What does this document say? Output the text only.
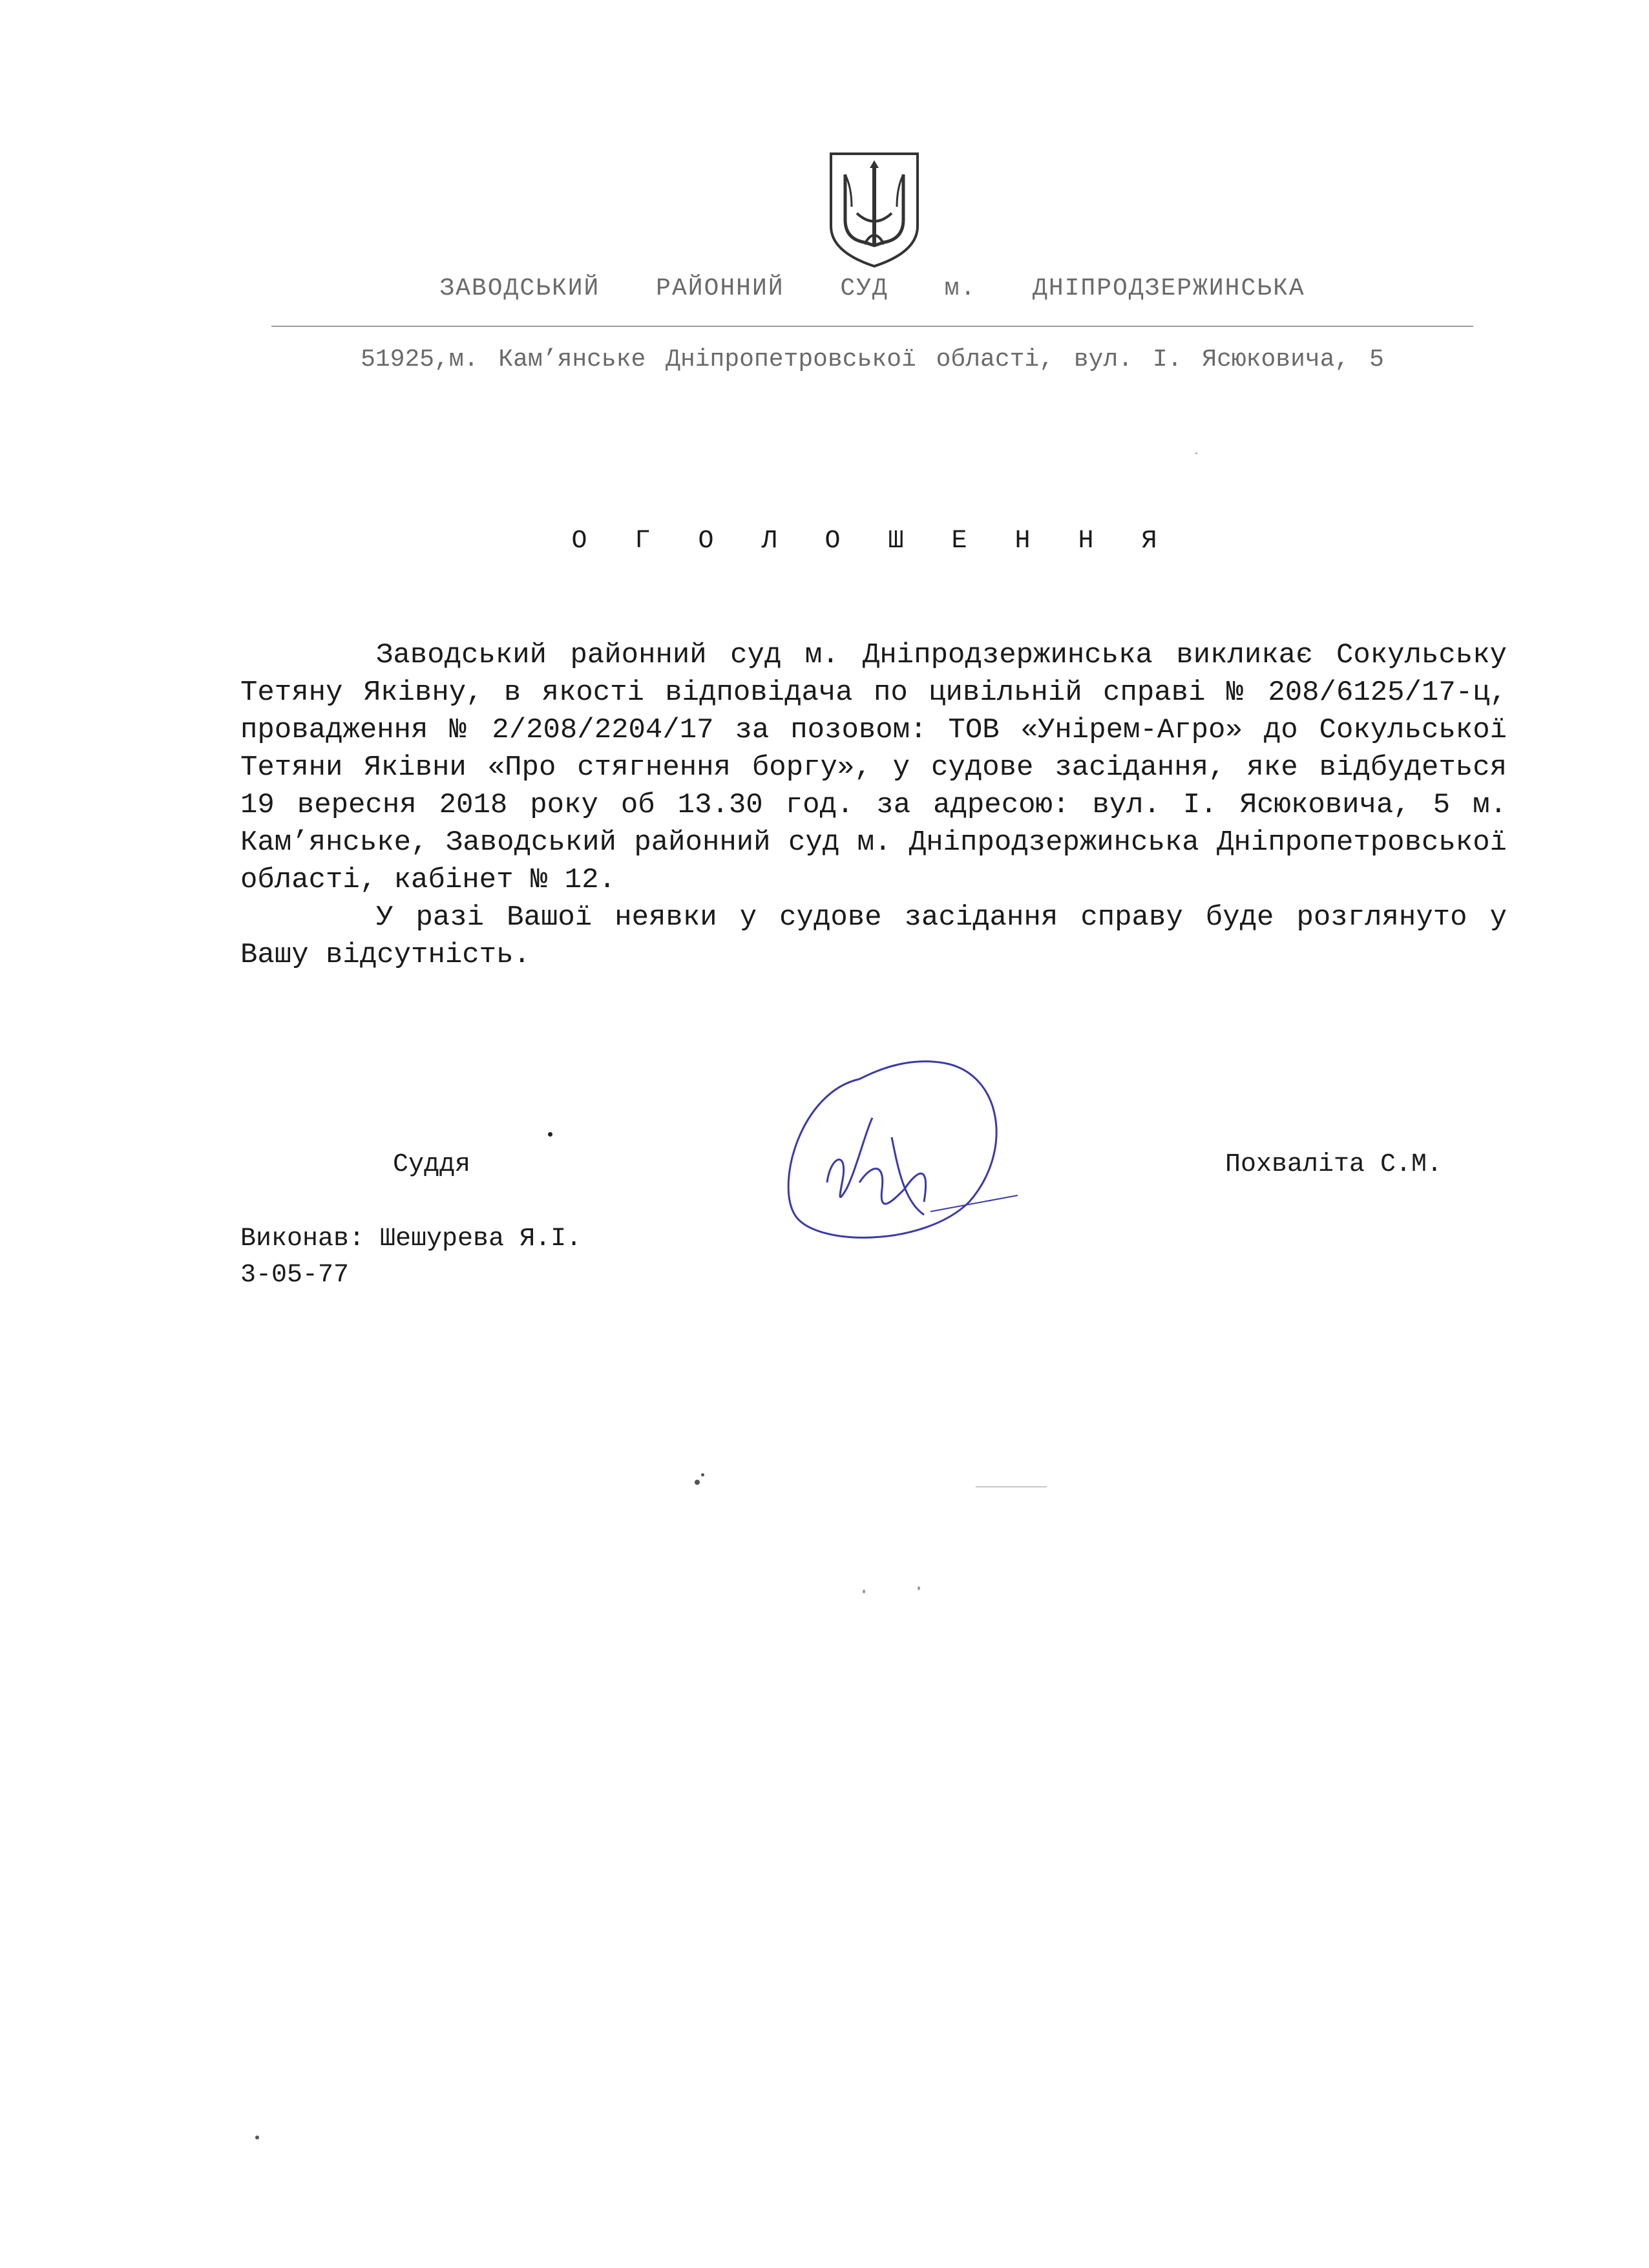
ЗАВОДСЬКИЙ РАЙОННИЙ СУД м. ДНІПРОДЗЕРЖИНСЬКА
51925,м. Кам’янське Дніпропетровської області, вул. І. Ясюковича, 5
О Г О Л О Ш Е Н Н Я

Заводський районний суд м. Дніпродзержинська викликає Сокульську Тетяну Яківну, в якості відповідача по цивільній справі № 208/6125/17-ц, провадження № 2/208/2204/17 за позовом: ТОВ «Унірем-Агро» до Сокульської Тетяни Яківни «Про стягнення боргу», у судове засідання, яке відбудеться 19 вересня 2018 року об 13.30 год. за адресою: вул. І. Ясюковича, 5 м. Кам’янське, Заводський районний суд м. Дніпродзержинська Дніпропетровської області, кабінет № 12.

У разі Вашої неявки у судове засідання справу буде розглянуто у Вашу відсутність.

Суддя	Похваліта С.М.
Виконав: Шешурева Я.І.
3-05-77
